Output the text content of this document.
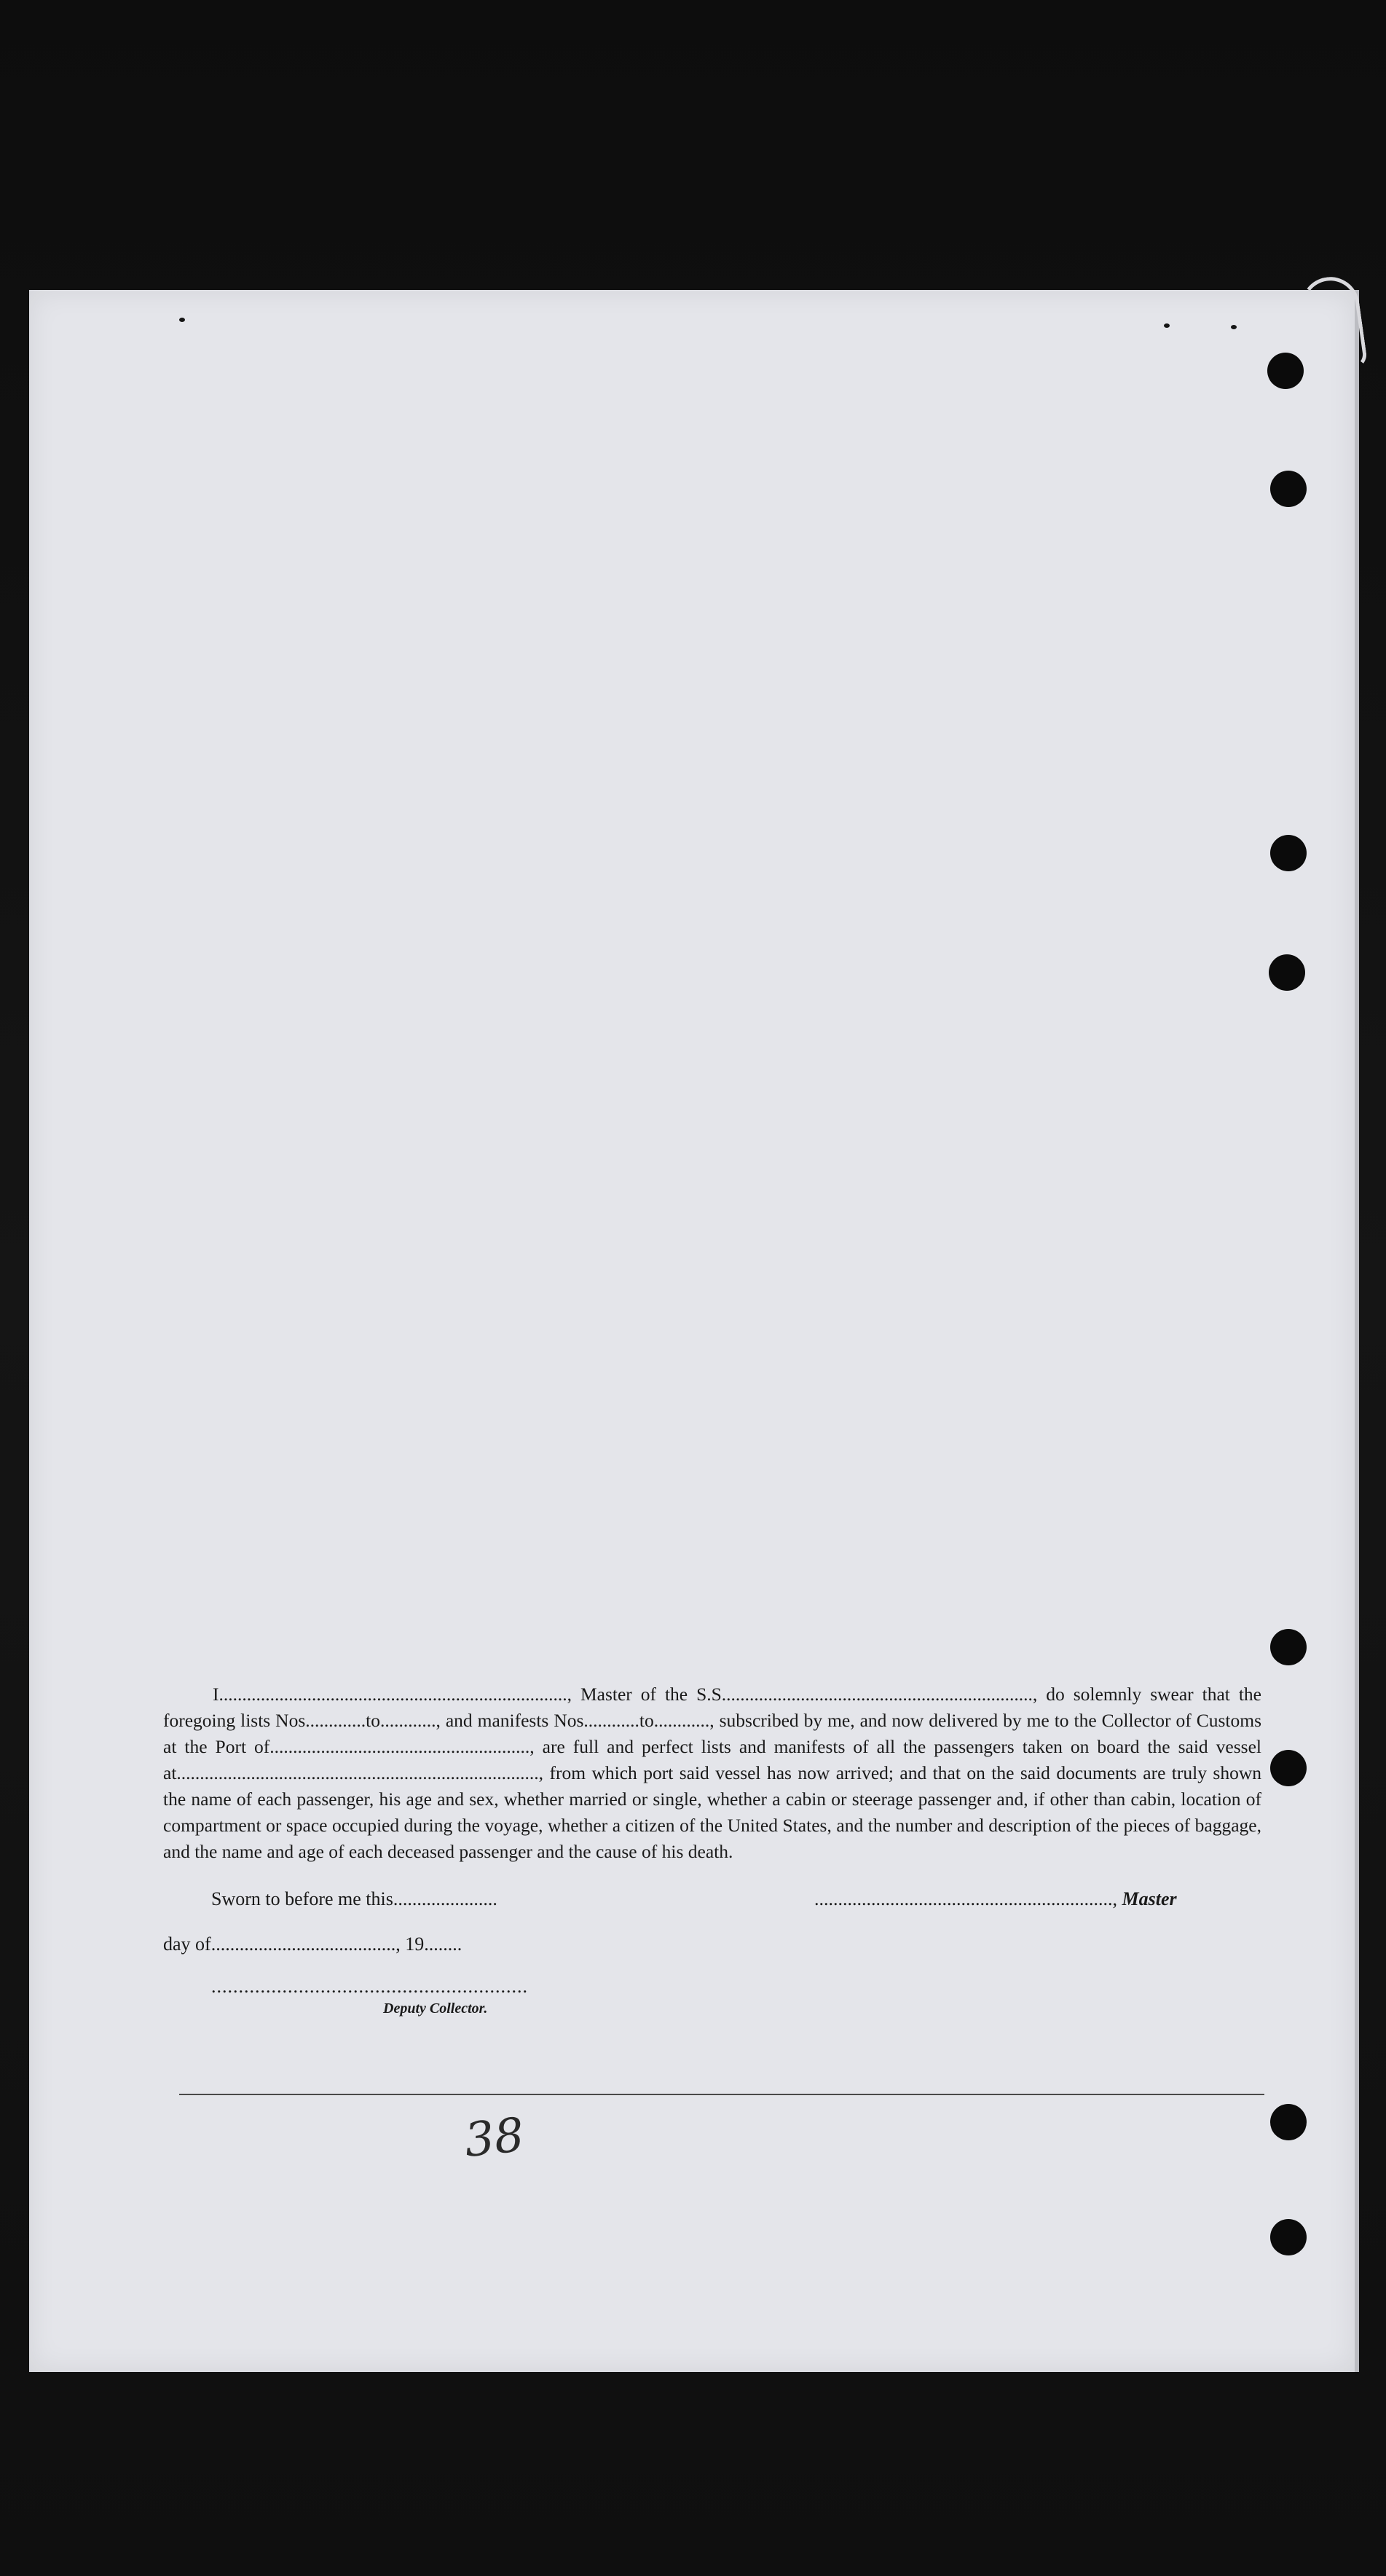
I..........................................................................., Master of the S.S..................................................................., do solemnly swear that the foregoing lists Nos.............to............, and manifests Nos............to............, subscribed by me, and now delivered by me to the Collector of Customs at the Port of........................................................, are full and perfect lists and manifests of all the passengers taken on board the said vessel at.............................................................................., from which port said vessel has now arrived; and that on the said documents are truly shown the name of each passenger, his age and sex, whether married or single, whether a cabin or steerage passenger and, if other than cabin, location of compartment or space occupied during the voyage, whether a citizen of the United States, and the number and description of the pieces of baggage, and the name and age of each deceased passenger and the cause of his death.

Sworn to before me this......................	..............................................................., Master
day of......................................., 19........
..........................................................
Deputy Collector.
38
